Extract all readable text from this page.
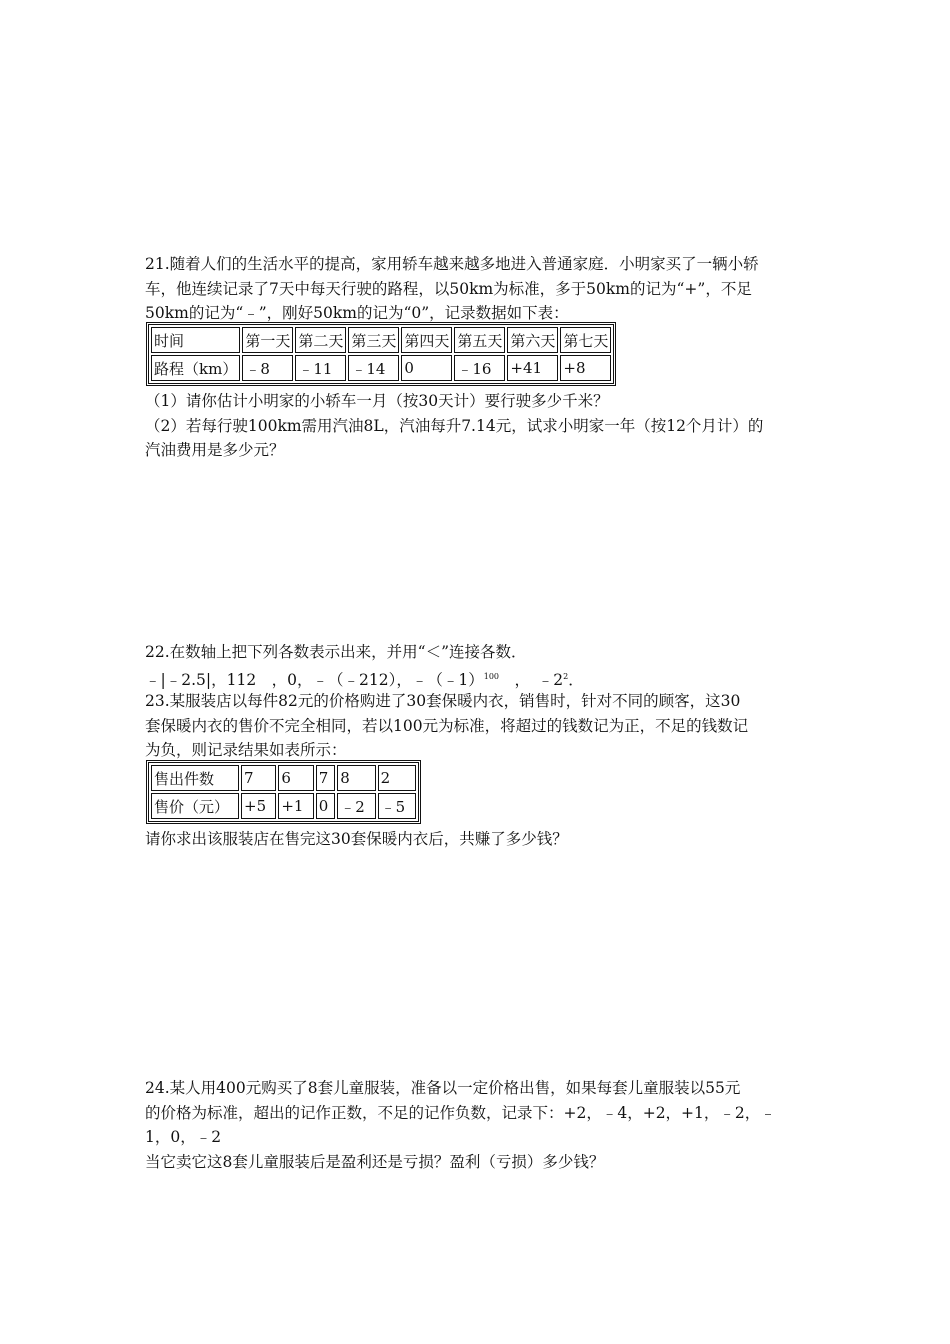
21.随着人们的生活水平的提高，家用轿车越来越多地进入普通家庭．小明家买了一辆小轿
车，他连续记录了7天中每天行驶的路程，以50km为标准，多于50km的记为“+”，不足
50km的记为“﹣”，刚好50km的记为“0”，记录数据如下表：
时间	第一天	第二天	第三天	第四天	第五天	第六天	第七天
路程（km）	﹣8	﹣11	﹣14	0	﹣16	+41	+8
（1）请你估计小明家的小轿车一月（按30天计）要行驶多少千米？
（2）若每行驶100km需用汽油8L，汽油每升7.14元，试求小明家一年（按12个月计）的
汽油费用是多少元？
22.在数轴上把下列各数表示出来，并用“＜”连接各数．
﹣|﹣2.5|，112　，0，﹣（﹣212），﹣（﹣1）$^{100}$　，　$﹣2^2$．
23.某服装店以每件82元的价格购进了30套保暖内衣，销售时，针对不同的顾客，这30
套保暖内衣的售价不完全相同，若以100元为标准，将超过的钱数记为正，不足的钱数记
为负，则记录结果如表所示：
售出件数	7	6	7	8	2
售价（元）	+5	+1	0	﹣2	﹣5
请你求出该服装店在售完这30套保暖内衣后，共赚了多少钱？
24.某人用400元购买了8套儿童服装，准备以一定价格出售，如果每套儿童服装以55元
的价格为标准，超出的记作正数，不足的记作负数，记录下：+2，﹣4，+2，+1，﹣2，﹣
1，0，﹣2
当它卖它这8套儿童服装后是盈利还是亏损？盈利（亏损）多少钱？
